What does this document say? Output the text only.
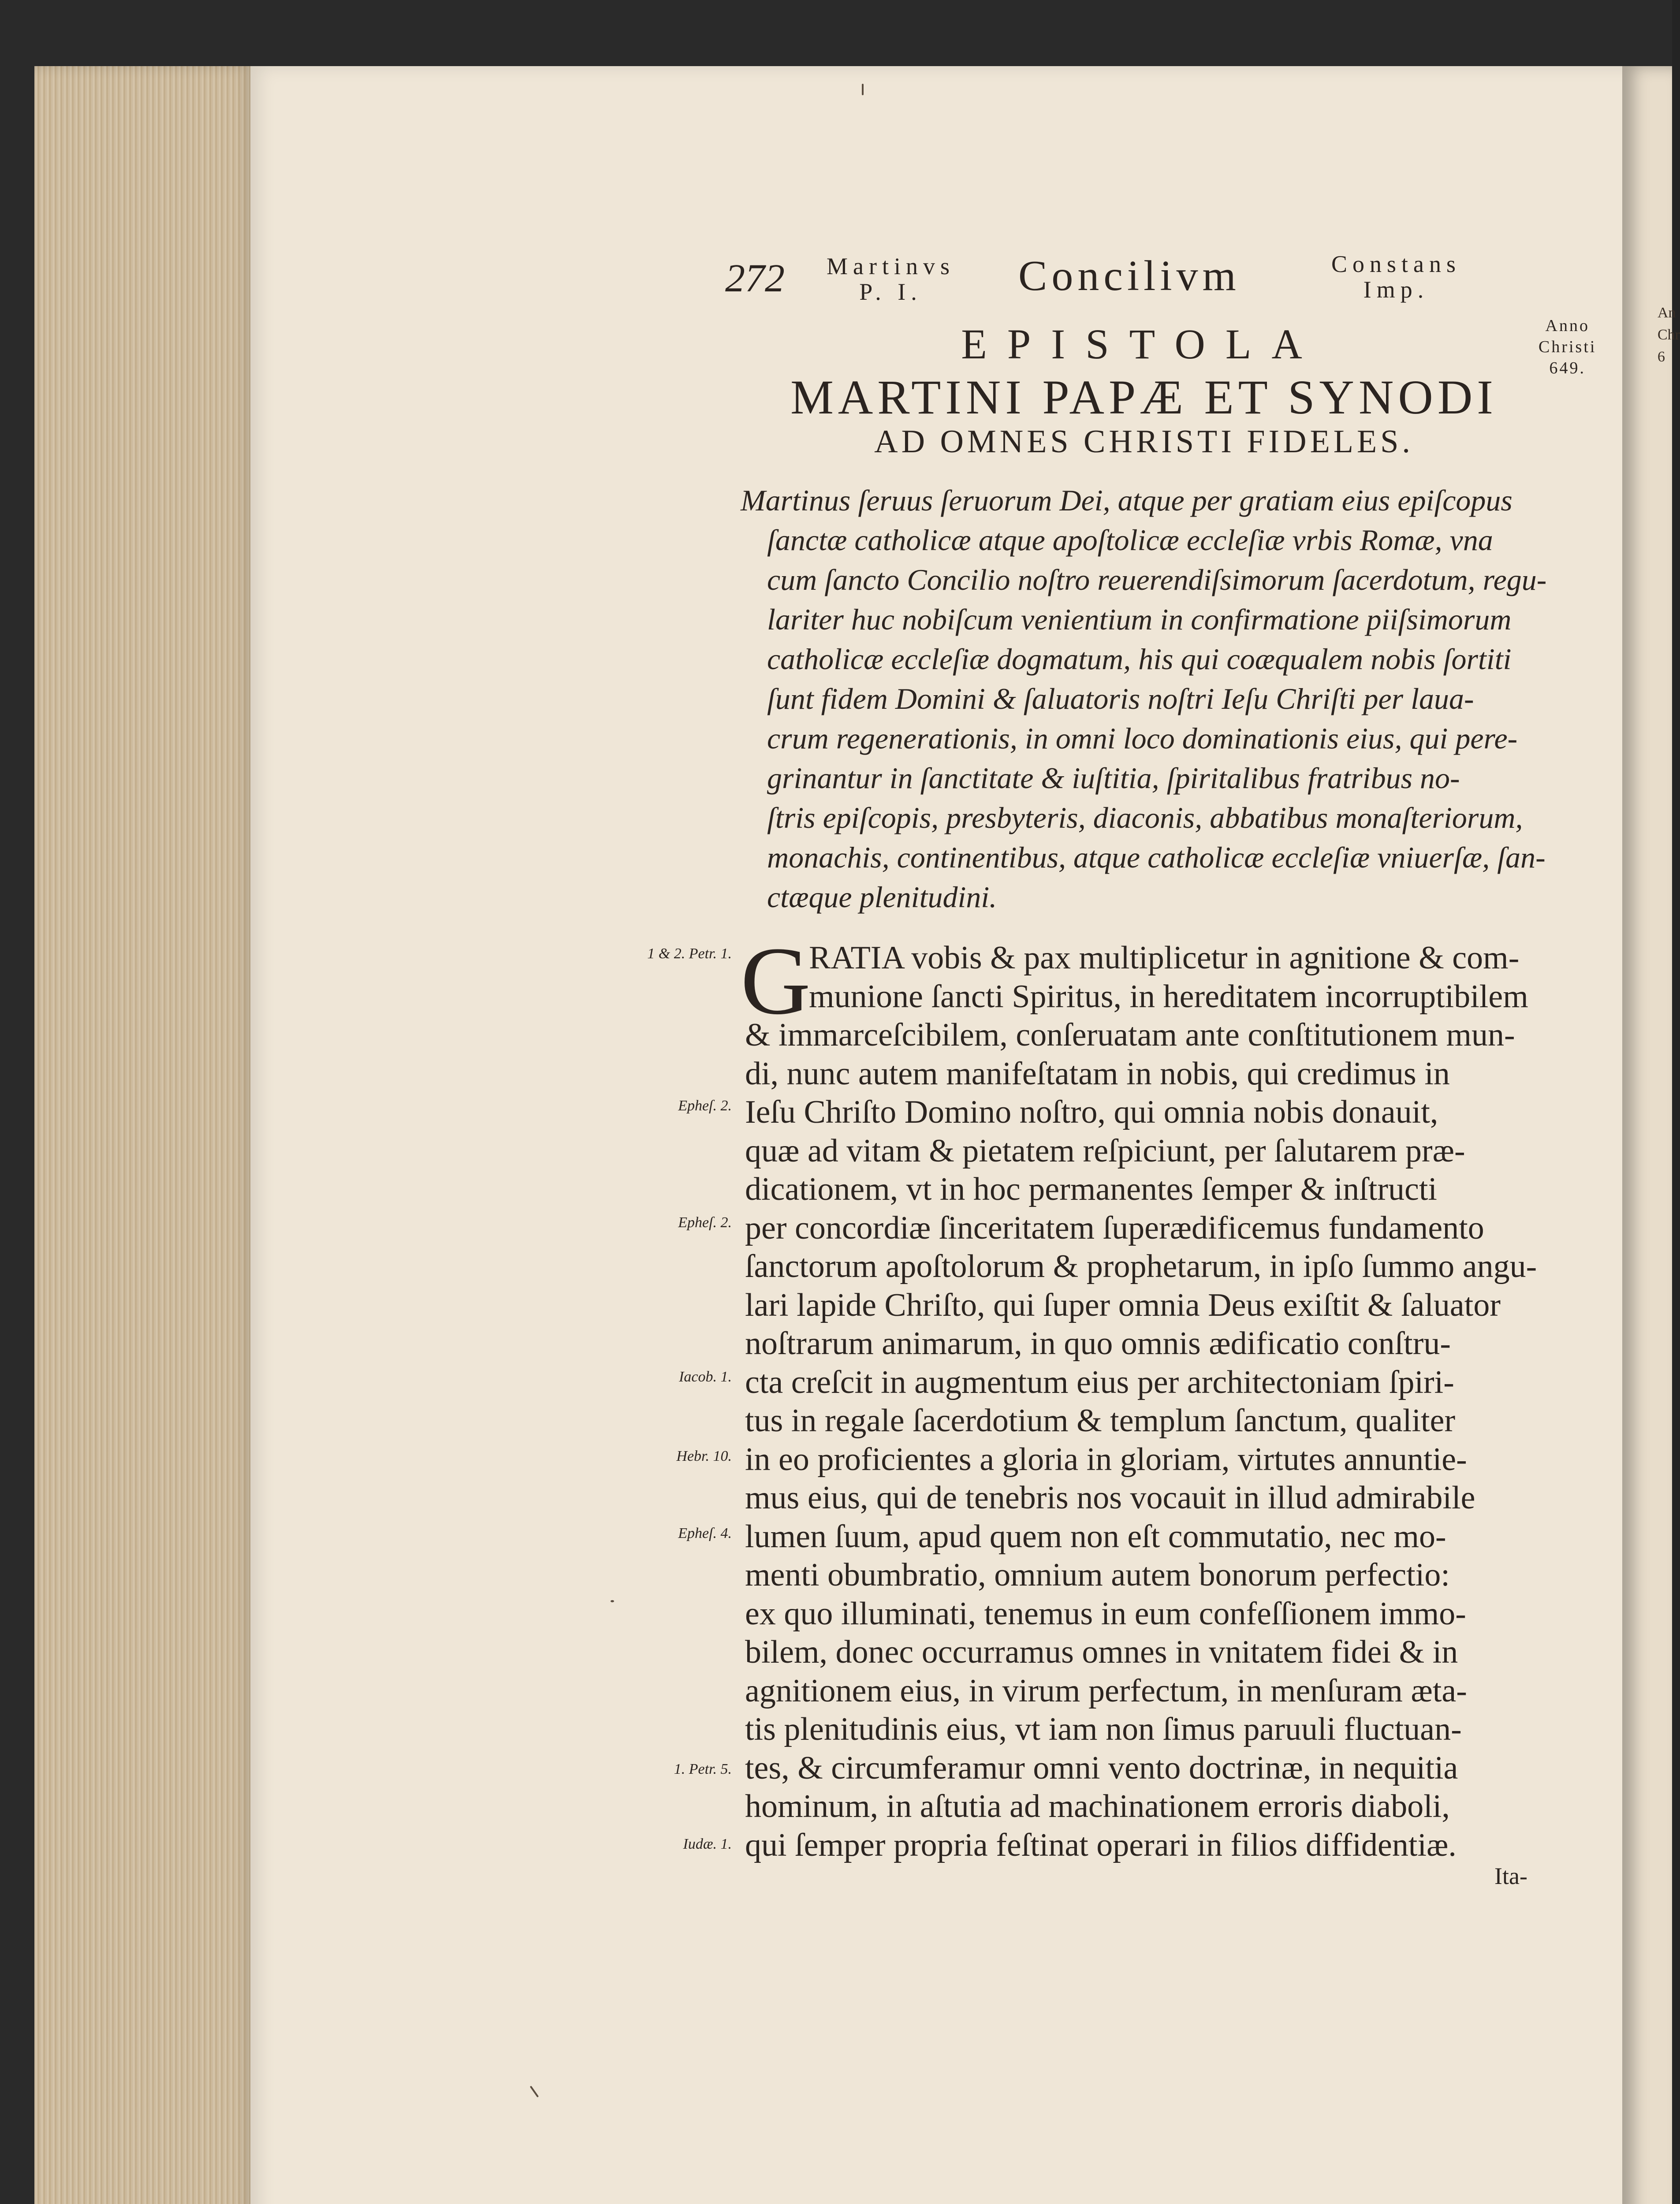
An
Chr
6
272 Martinvs
P. I.	Concilivm	Constans
Imp.
Anno
Christi
649.
EPISTOLA
MARTINI PAPÆ ET SYNODI
AD OMNES CHRISTI FIDELES.
Martinus ſeruus ſeruorum Dei, atque per gratiam eius epiſcopus
ſanctæ catholicæ atque apoſtolicæ eccleſiæ vrbis Romæ, vna
cum ſancto Concilio noſtro reuerendiſsimorum ſacerdotum, regu-
lariter huc nobiſcum venientium in confirmatione piiſsimorum
catholicæ eccleſiæ dogmatum, his qui coæqualem nobis ſortiti
ſunt fidem Domini & ſaluatoris noſtri Ieſu Chriſti per laua-
crum regenerationis, in omni loco dominationis eius, qui pere-
grinantur in ſanctitate & iuſtitia, ſpiritalibus fratribus no-
ſtris epiſcopis, presbyteris, diaconis, abbatibus monaſteriorum,
monachis, continentibus, atque catholicæ eccleſiæ vniuerſæ, ſan-
ctæque plenitudini.
G
RATIA vobis & pax multiplicetur in agnitione & com-
munione ſancti Spiritus, in hereditatem incorruptibilem
& immarceſcibilem, conſeruatam ante conſtitutionem mun-
di, nunc autem manifeſtatam in nobis, qui credimus in
Ieſu Chriſto Domino noſtro, qui omnia nobis donauit,
quæ ad vitam & pietatem reſpiciunt, per ſalutarem præ-
dicationem, vt in hoc permanentes ſemper & inſtructi
per concordiæ ſinceritatem ſuperædificemus fundamento
ſanctorum apoſtolorum & prophetarum, in ipſo ſummo angu-
lari lapide Chriſto, qui ſuper omnia Deus exiſtit & ſaluator
noſtrarum animarum, in quo omnis ædificatio conſtru-
cta creſcit in augmentum eius per architectoniam ſpiri-
tus in regale ſacerdotium & templum ſanctum, qualiter
in eo proficientes a gloria in gloriam, virtutes annuntie-
mus eius, qui de tenebris nos vocauit in illud admirabile
lumen ſuum, apud quem non eſt commutatio, nec mo-
menti obumbratio, omnium autem bonorum perfectio:
ex quo illuminati, tenemus in eum confeſſionem immo-
bilem, donec occurramus omnes in vnitatem fidei & in
agnitionem eius, in virum perfectum, in menſuram ætа-
tis plenitudinis eius, vt iam non ſimus paruuli fluctuan-
tes, & circumferamur omni vento doctrinæ, in nequitia
hominum, in aſtutia ad machinationem erroris diaboli,
qui ſemper propria feſtinat operari in filios diffidentiæ.
Ita-
1 & 2. Petr. 1.
Epheſ. 2.
Epheſ. 2.
Iacob. 1.
Hebr. 10.
Epheſ. 4.
1. Petr. 5.
Iudæ. 1.
